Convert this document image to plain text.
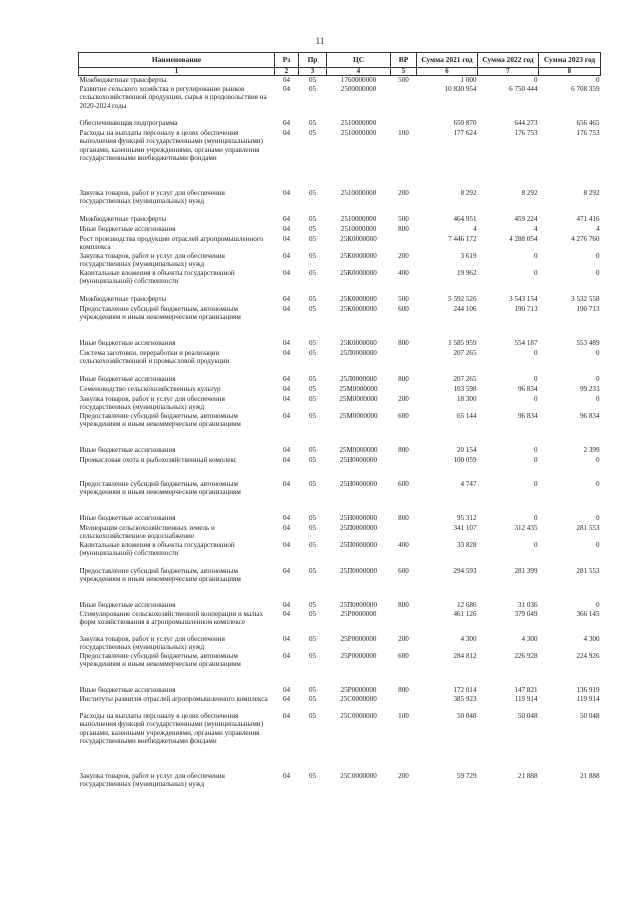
11
Наименование	Рз	Пр	ЦС	ВР	Сумма 2021 год	Сумма 2022 год	Сумма 2023 год
1	2	3	4	5	6	7	8
Межбюджетные трансферты	04	05	1760000000	500	1 000	0	0
Развитие сельского хозяйства и регулирование рынков сельскохозяйственной продукции, сырья и продовольствия на 2020-2024 годы	04	05	2500000000		10 830 954	6 750 444	6 708 359
Обеспечивающая подпрограмма	04	05	2510000000		650 870	644 273	656 465
Расходы на выплаты персоналу в целях обеспечения выполнения функций государственными (муниципальными) органами, казенными учреждениями, органами управления государственными внебюджетными фондами	04	05	2510000000	100	177 624	176 753	176 753
Закупка товаров, работ и услуг для обеспечения государственных (муниципальных) нужд	04	05	2510000000	200	8 292	8 292	8 292
Межбюджетные трансферты	04	05	2510000000	500	464 951	459 224	471 416
Иные бюджетные ассигнования	04	05	2510000000	800	4	4	4
Рост производства продукции отраслей агропромышленного комплекса	04	05	25К0000000		7 446 172	4 288 054	4 276 760
Закупка товаров, работ и услуг для обеспечения государственных (муниципальных) нужд	04	05	25К0000000	200	3 619	0	0
Капитальные вложения в объекты государственной (муниципальной) собственности	04	05	25К0000000	400	19 962	0	0
Межбюджетные трансферты	04	05	25К0000000	500	5 592 526	3 543 154	3 532 558
Предоставление субсидий бюджетным, автономным учреждениям и иным некоммерческим организациям	04	05	25К0000000	600	244 106	190 713	190 713
Иные бюджетные ассигнования	04	05	25К0000000	800	1 585 959	554 187	553 489
Система заготовки, переработки и реализации сельскохозяйственной и промысловой продукции	04	05	25Л0000000		207 265	0	0
Иные бюджетные ассигнования	04	05	25Л0000000	800	207 265	0	0
Семеноводство сельскохозяйственных культур	04	05	25М0000000		103 598	96 834	99 233
Закупка товаров, работ и услуг для обеспечения государственных (муниципальных) нужд	04	05	25М0000000	200	18 300	0	0
Предоставление субсидий бюджетным, автономным учреждениям и иным некоммерческим организациям	04	05	25М0000000	600	65 144	96 834	96 834
Иные бюджетные ассигнования	04	05	25М0000000	800	20 154	0	2 399
Промысловая охота и рыбохозяйственный комплекс	04	05	25Н0000000		100 059	0	0
Предоставление субсидий бюджетным, автономным учреждениям и иным некоммерческим организациям	04	05	25Н0000000	600	4 747	0	0
Иные бюджетные ассигнования	04	05	25Н0000000	800	95 312	0	0
Мелиорация сельскохозяйственных земель и сельскохозяйственное водоснабжение	04	05	25П0000000		341 107	312 435	281 553
Капитальные вложения в объекты государственной (муниципальной) собственности	04	05	25П0000000	400	33 828	0	0
Предоставление субсидий бюджетным, автономным учреждениям и иным некоммерческим организациям	04	05	25П0000000	600	294 593	281 399	281 553
Иные бюджетные ассигнования	04	05	25П0000000	800	12 686	31 036	0
Стимулирование сельскохозяйственной кооперации и малых форм хозяйствования в агропромышленном комплексе	04	05	25Р0000000		461 126	379 049	366 145
Закупка товаров, работ и услуг для обеспечения государственных (муниципальных) нужд	04	05	25Р0000000	200	4 300	4 300	4 300
Предоставление субсидий бюджетным, автономным учреждениям и иным некоммерческим организациям	04	05	25Р0000000	600	284 812	226 928	224 926
Иные бюджетные ассигнования	04	05	25Р0000000	800	172 014	147 821	136 919
Институты развития отраслей агропромышленного комплекса	04	05	25С0000000		385 923	119 914	119 914
Расходы на выплаты персоналу в целях обеспечения выполнения функций государственными (муниципальными) органами, казенными учреждениями, органами управления государственными внебюджетными фондами	04	05	25С0000000	100	50 048	50 048	50 048
Закупка товаров, работ и услуг для обеспечения государственных (муниципальных) нужд	04	05	25С0000000	200	59 729	21 888	21 888
